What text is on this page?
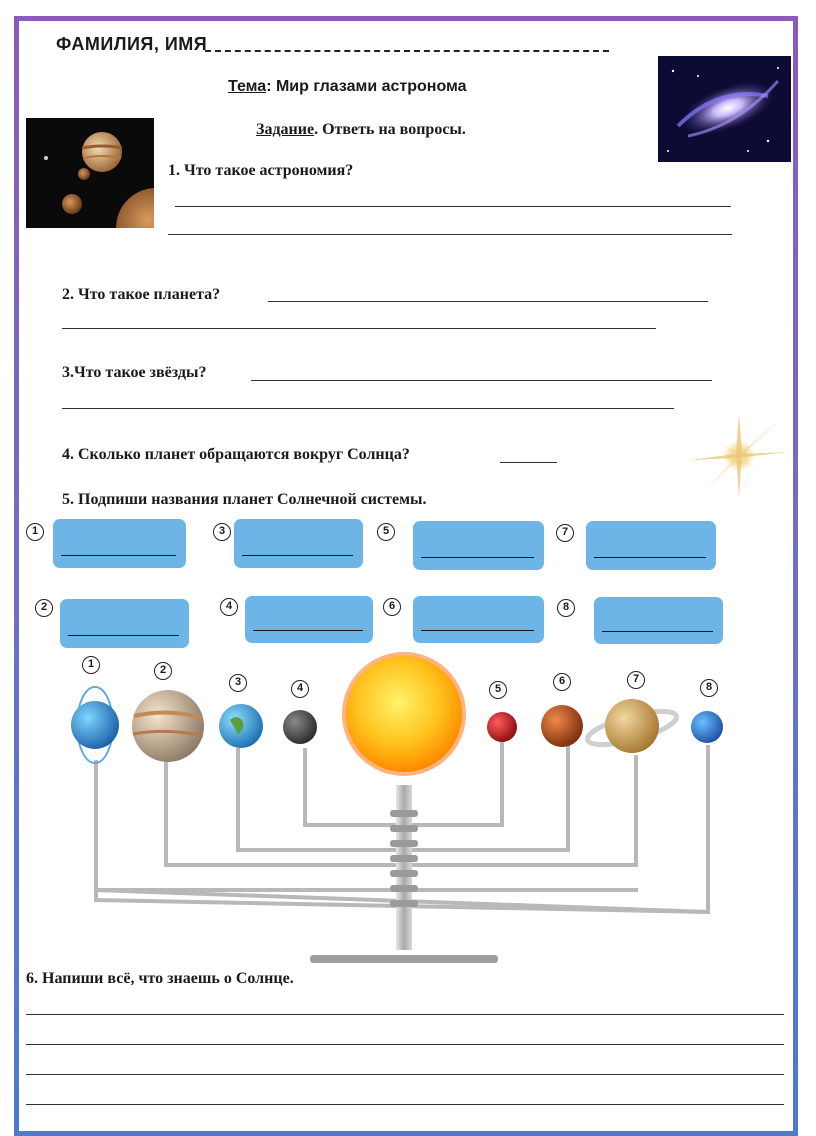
ФАМИЛИЯ, ИМЯ
Тема: Мир глазами астронома
Задание. Ответь на вопросы.
1. Что такое астрономия?
2. Что такое планета?
3.Что такое звёзды?
4. Сколько планет обращаются вокруг Солнца?
5. Подпиши названия планет Солнечной системы.
1	3	5	7
2	4	6	8
1	2
3	4	5
6	7
8
6. Напиши всё, что знаешь о Солнце.
